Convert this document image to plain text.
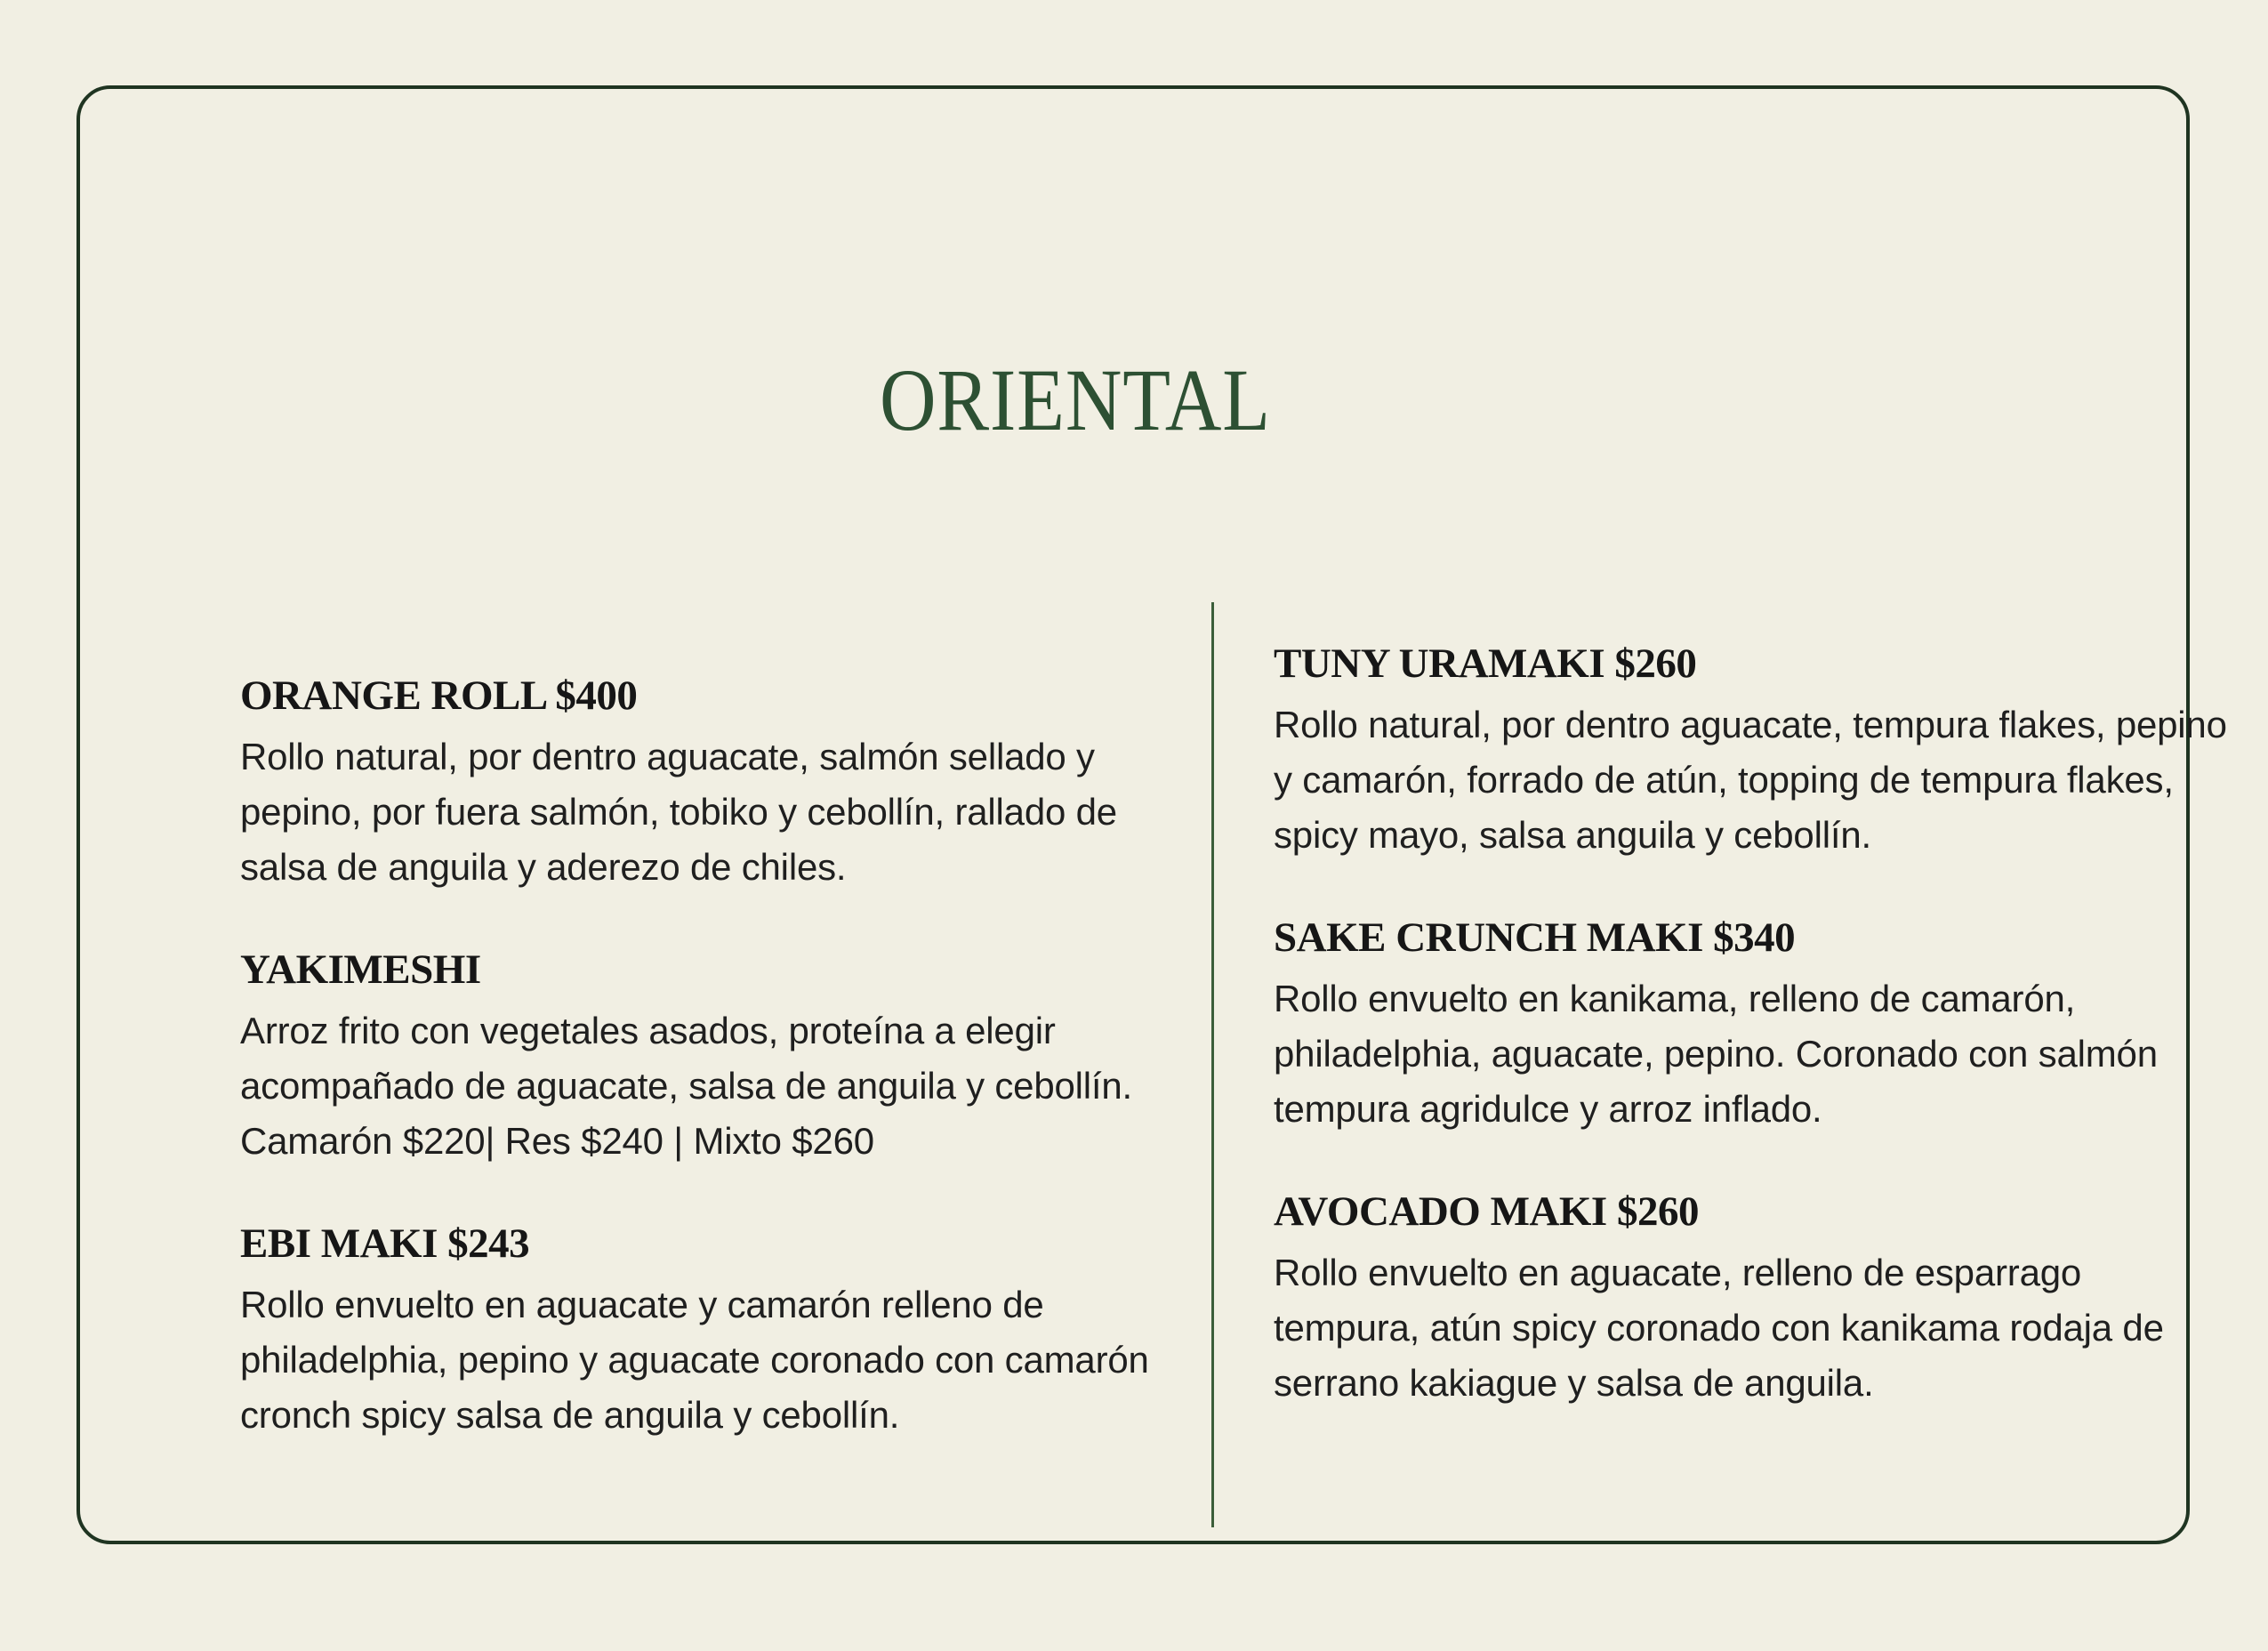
ORIENTAL
ORANGE ROLL $400
Rollo natural, por dentro aguacate, salmón sellado y pepino, por fuera salmón, tobiko y cebollín, rallado de salsa de anguila y aderezo de chiles.
YAKIMESHI
Arroz frito con vegetales asados, proteína a elegir acompañado de aguacate, salsa de anguila y cebollín. Camarón $220| Res $240 | Mixto $260
EBI MAKI $243
Rollo envuelto en aguacate y camarón relleno de philadelphia, pepino y aguacate coronado con camarón cronch spicy salsa de anguila y cebollín.
TUNY URAMAKI $260
Rollo natural, por dentro aguacate, tempura flakes, pepino y camarón, forrado de atún, topping de tempura flakes, spicy mayo, salsa anguila y cebollín.
SAKE CRUNCH MAKI $340
Rollo envuelto en kanikama, relleno de camarón, philadelphia, aguacate, pepino. Coronado con salmón tempura agridulce y arroz inflado.
AVOCADO MAKI $260
Rollo envuelto en aguacate, relleno de esparrago tempura, atún spicy coronado con kanikama rodaja de serrano kakiague y salsa de anguila.
